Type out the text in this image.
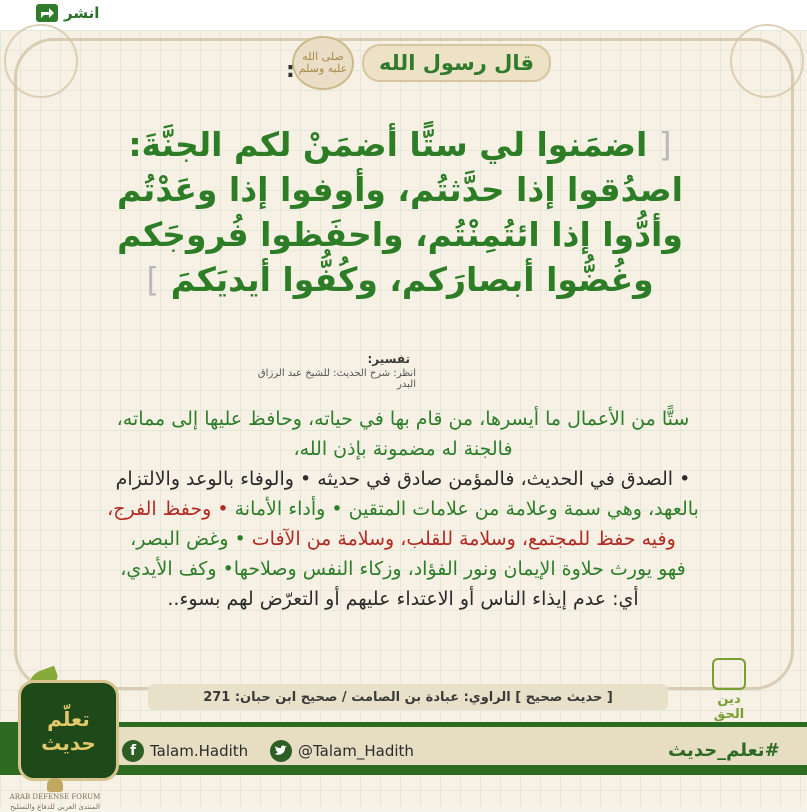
انشر
صلى الله عليه وسلم
:	قال رسول الله
[ اضمَنوا لي ستًّا أضمَنْ لكم الجنَّةَ:
اصدُقوا إذا حدَّثتُم، وأوفوا إذا وعَدْتُم
وأدُّوا إذا ائتُمِنْتُم، واحفَظوا فُروجَكم
وغُضُّوا أبصارَكم، وكُفُّوا أيديَكمَ ]
تفسير:
انظر: شرح الحديث: للشيخ عبد الرزاق البدر
ستًّا من الأعمال ما أيسرها، من قام بها في حياته، وحافظ عليها إلى مماته،
فالجنة له مضمونة بإذن الله،
• الصدق في الحديث، فالمؤمن صادق في حديثه • والوفاء بالوعد والالتزام
بالعهد، وهي سمة وعلامة من علامات المتقين • وأداء الأمانة • وحفظ الفرج،
وفيه حفظ للمجتمع، وسلامة للقلب، وسلامة من الآفات • وغض البصر،
فهو يورث حلاوة الإيمان ونور الفؤاد، وزكاء النفس وصلاحها• وكف الأيدي،
أي: عدم إيذاء الناس أو الاعتداء عليهم أو التعرّض لهم بسوء..
دين الحق
[ حديث صحيح ] الراوي: عبادة بن الصامت / صحيح ابن حبان: 271
f Talam.Hadith	@Talam_Hadith	#تعلم_حديث
تعلّم
حديث
ARAB DEFENSE FORUM
المنتدى العربي للدفاع والتسليح
